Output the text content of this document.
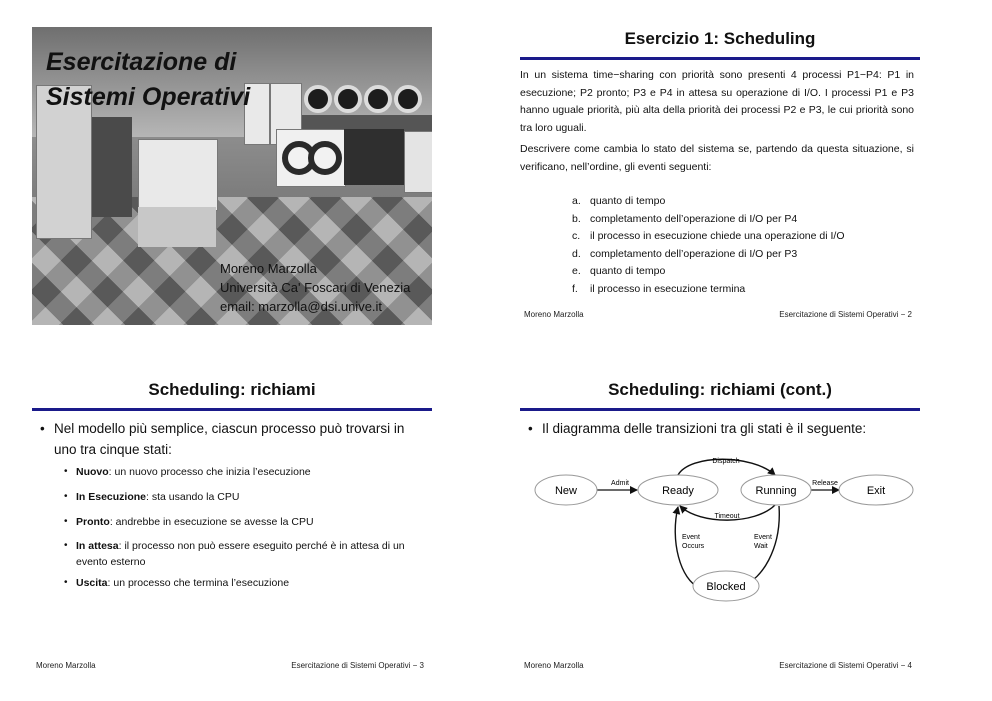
Esercitazione di
Sistemi Operativi
Moreno Marzolla
Università Ca' Foscari di Venezia
email: marzolla@dsi.unive.it
Esercizio 1: Scheduling

In un sistema time−sharing con priorità sono presenti 4 processi P1−P4: P1 in esecuzione; P2 pronto; P3 e P4 in attesa su operazione di I/O. I processi P1 e P3 hanno uguale priorità, più alta della priorità dei processi P2 e P3, le cui priorità sono tra loro uguali.

Descrivere come cambia lo stato del sistema se, partendo da questa situazione, si verificano, nell’ordine, gli eventi seguenti:

a. quanto di tempo
b. completamento dell’operazione di I/O per P4
c. il processo in esecuzione chiede una operazione di I/O
d. completamento dell’operazione di I/O per P3
e. quanto di tempo
f. il processo in esecuzione termina
Moreno Marzolla	Esercitazione di Sistemi Operativi − 2
Scheduling: richiami
• Nel modello più semplice, ciascun processo può trovarsi in uno tra cinque stati:
• Nuovo: un nuovo processo che inizia l’esecuzione
• In Esecuzione: sta usando la CPU
• Pronto: andrebbe in esecuzione se avesse la CPU
• In attesa: il processo non può essere eseguito perché è in attesa di un evento esterno
• Uscita: un processo che termina l’esecuzione
Moreno Marzolla	Esercitazione di Sistemi Operativi − 3
Scheduling: richiami (cont.)
• Il diagramma delle transizioni tra gli stati è il seguente:
New	Ready	Running	Exit
Blocked
Admit
Dispatch
Release
Timeout
Event
Occurs
Event
Wait
Moreno Marzolla	Esercitazione di Sistemi Operativi − 4
